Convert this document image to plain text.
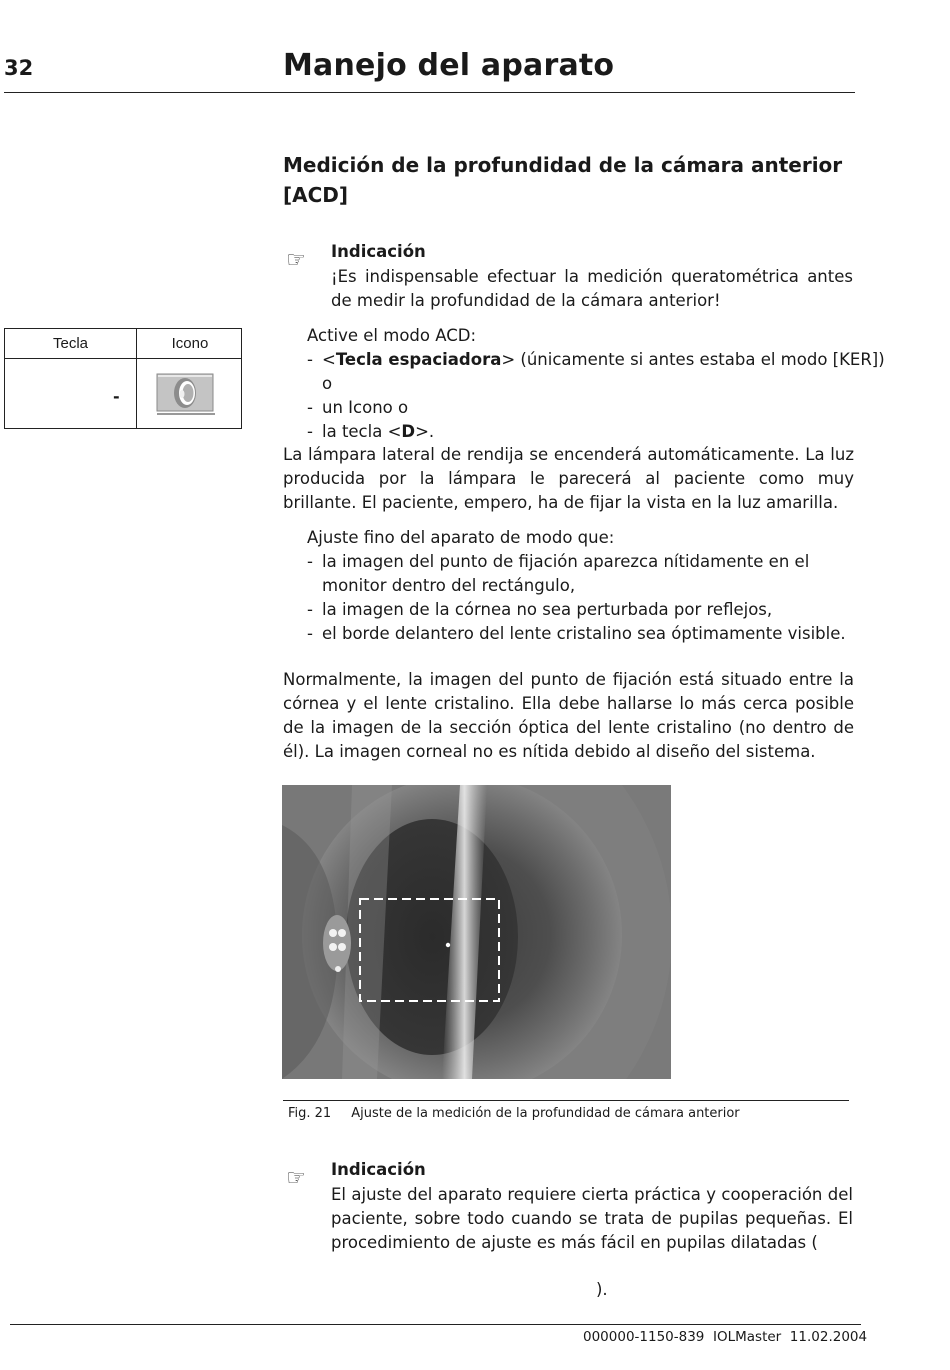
32	Manejo del aparato
Medición de la profundidad de la cámara anterior [ACD]
☞	Indicación
¡Es indispensable efectuar la medición queratométrica antes de medir la profundidad de la cámara anterior!
Tecla	Icono
-
Active el modo ACD:
- <Tecla espaciadora> (únicamente si antes estaba el modo [KER]) o
- un Icono o
- la tecla <D>.
La lámpara lateral de rendija se encenderá automáticamente. La luz producida por la lámpara le parecerá al paciente como muy brillante. El paciente, empero, ha de fijar la vista en la luz amarilla.
Ajuste fino del aparato de modo que:
- la imagen del punto de fijación aparezca nítidamente en el monitor dentro del rectángulo,
- la imagen de la córnea no sea perturbada por reflejos,
- el borde delantero del lente cristalino sea óptimamente visible.
Normalmente, la imagen del punto de fijación está situado entre la córnea y el lente cristalino. Ella debe hallarse lo más cerca posible de la imagen de la sección óptica del lente cristalino (no dentro de él). La imagen corneal no es nítida debido al diseño del sistema.
Fig. 21 Ajuste de la medición de la profundidad de cámara anterior
☞	Indicación
El ajuste del aparato requiere cierta práctica y cooperación del paciente, sobre todo cuando se trata de pupilas pequeñas. El procedimiento de ajuste es más fácil en pupilas dilatadas (
).
000000-1150-839  IOLMaster  11.02.2004
